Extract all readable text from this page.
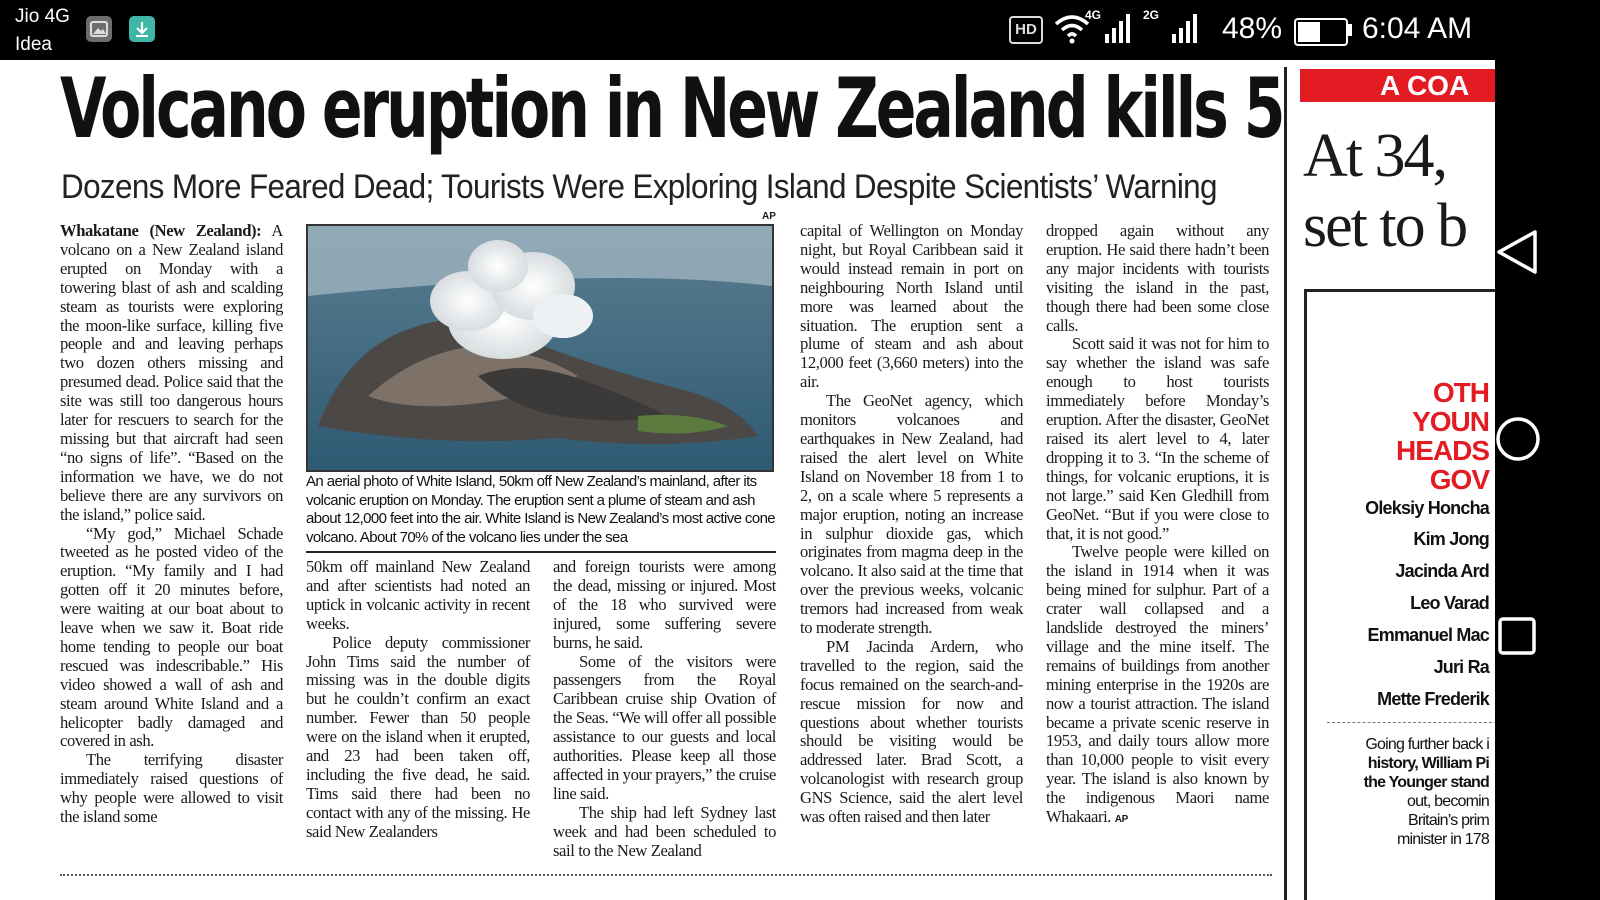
Jio 4G
Idea
HD
4G	2G 48%	6:04 AM
Volcano eruption in New Zealand kills 5
Dozens More Feared Dead; Tourists Were Exploring Island Despite Scientists’ Warning

Whakatane (New Zealand): A volcano on a New Zealand island erupted on Monday with a towering blast of ash and scalding steam as tourists were exploring the moon-like surface, killing five people and and leaving perhaps two dozen others missing and presumed dead. Police said that the site was still too dangerous hours later for rescuers to search for the missing but that aircraft had seen “no signs of life”. “Based on the information we have, we do not believe there are any survivors on the island,” police said.

“My god,” Michael Schade tweeted as he posted video of the eruption. “My family and I had gotten off it 20 minutes before, were waiting at our boat about to leave when we saw it. Boat ride home tending to people our boat rescued was indescribable.” His video showed a wall of ash and steam around White Island and a helicopter badly damaged and covered in ash.

The terrifying disaster immediately raised questions of why people were allowed to visit the island some

AP
An aerial photo of White Island, 50km off New Zealand’s mainland, after its volcanic eruption on Monday. The eruption sent a plume of steam and ash about 12,000 feet into the air. White Island is New Zealand’s most active cone volcano. About 70% of the volcano lies under the sea

50km off mainland New Zealand and after scientists had noted an uptick in volcanic activity in recent weeks.

Police deputy commissioner John Tims said the number of missing was in the double digits but he couldn’t confirm an exact number. Fewer than 50 people were on the island when it erupted, and 23 had been taken off, including the five dead, he said. Tims said there had been no contact with any of the missing. He said New Zealanders

and foreign tourists were among the dead, missing or injured. Most of the 18 who survived were injured, some suffering severe burns, he said.

Some of the visitors were passengers from the Royal Caribbean cruise ship Ovation of the Seas. “We will offer all possible assistance to our guests and local authorities. Please keep all those affected in your prayers,” the cruise line said.

The ship had left Sydney last week and had been scheduled to sail to the New Zealand

capital of Wellington on Monday night, but Royal Caribbean said it would instead remain in port on neighbouring North Island until more was learned about the situation. The eruption sent a plume of steam and ash about 12,000 feet (3,660 meters) into the air.

The GeoNet agency, which monitors volcanoes and earthquakes in New Zealand, had raised the alert level on White Island on November 18 from 1 to 2, on a scale where 5 represents a major eruption, noting an increase in sulphur dioxide gas, which originates from magma deep in the volcano. It also said at the time that over the previous weeks, volcanic tremors had increased from weak to moderate strength.

PM Jacinda Ardern, who travelled to the region, said the focus remained on the search-and-rescue mission for now and questions about whether tourists should be visiting would be addressed later. Brad Scott, a volcanologist with research group GNS Science, said the alert level was often raised and then later

dropped again without any eruption. He said there hadn’t been any major incidents with tourists visiting the island in the past, though there had been some close calls.

Scott said it was not for him to say whether the island was safe enough to host tourists immediately before Monday’s eruption. After the disaster, GeoNet raised its alert level to 4, later dropping it to 3. “In the scheme of things, for volcanic eruptions, it is not large.” said Ken Gledhill from GeoNet. “But if you were close to that, it is not good.”

Twelve people were killed on the island in 1914 when it was being mined for sulphur. Part of a crater wall collapsed and a landslide destroyed the miners’ village and the mine itself. The remains of buildings from another mining enterprise in the 1920s are now a tourist attraction. The island became a private scenic reserve in 1953, and daily tours allow more than 10,000 people to visit every year. The island is also known by the indigenous Maori name Whakaari. AP

A COA
At 34,
set to b
OTH
YOUN
HEADS
GOV
Oleksiy Honcha
Kim Jong
Jacinda Ard
Leo Varad
Emmanuel Mac
Juri Ra
Mette Frederik
Going further back i
history, William Pi
the Younger stand
out, becomin
Britain’s prim
minister in 178
